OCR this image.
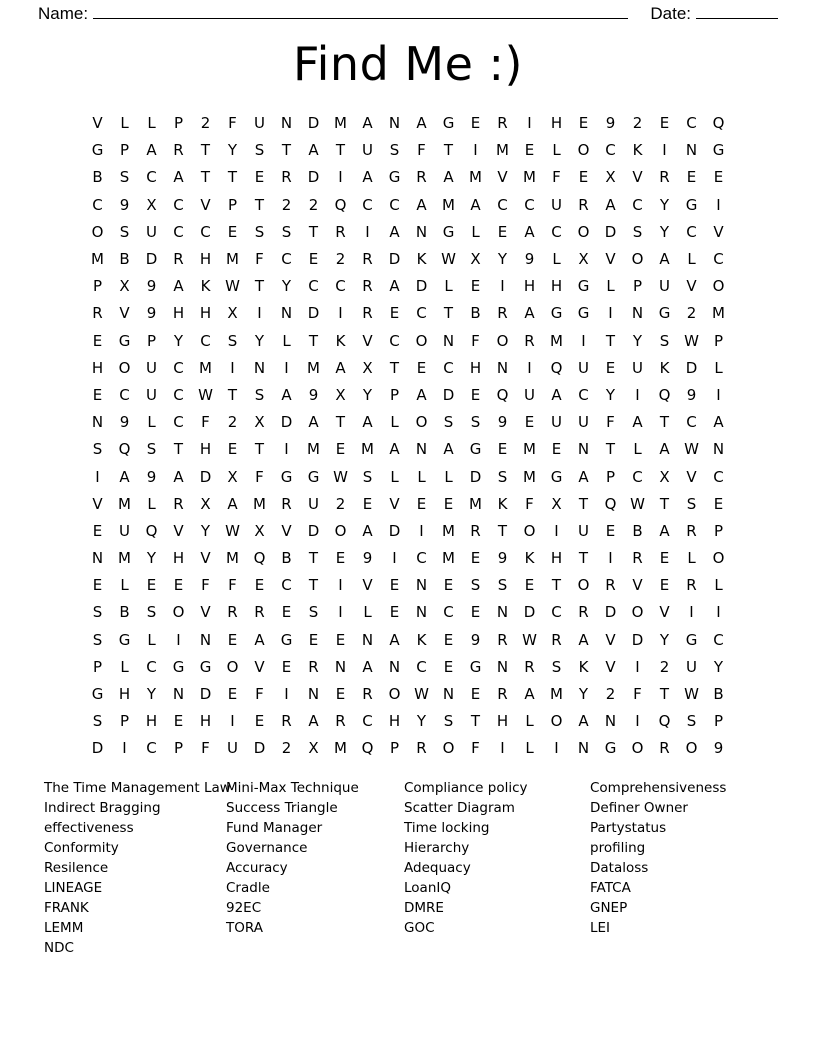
Name:	Date:
Find Me :)
V	L	L	P	2	F	U	N	D M	A	N	A	G	E	R	I	H	E	9	2	E	C	Q
G	P	A	R	T	Y	S	T	A	T	U	S	F	T	I	M	E	L	O	C	K	I	N	G
B	S	C	A	T	T	E	R	D	I	A	G	R	A	M	V	M	F	E	X	V	R	E	E
C	9	X	C	V	P	T	2	2	Q	C	C	A	M	A	C	C	U	R	A	C	Y	G	I
O	S	U	C	C	E	S	S	T	R	I	A	N	G	L	E	A	C	O	D	S	Y	C	V
M	B	D	R	H M	F	C	E	2	R	D	K W X	Y	9	L	X	V	O	A	L	C
P	X	9	A	K W T	Y	C	C	R	A	D	L	E	I	H	H	G	L	P	U	V	O
R	V	9	H	H	X	I	N	D	I	R	E	C	T	B	R	A	G	G	I	N	G	2	M
E	G	P	Y	C	S	Y	L	T	K	V	C	O	N	F	O	R	M	I	T	Y	S W	P
H	O	U	C	M	I	N	I	M	A	X	T	E	C	H	N	I	Q	U	E	U	K	D	L
E	C	U	C W T	S	A	9	X	Y	P	A	D	E	Q	U	A	C	Y	I	Q	9	I
N	9	L	C	F	2	X	D	A	T	A	L	O	S	S	9	E	U	U	F	A	T	C	A
S	Q	S	T	H	E	T	I	M	E	M	A	N	A	G	E	M	E	N	T	L	A W N
I	A	9	A	D	X	F	G	G W S	L	L	L	D	S	M G	A	P	C	X	V	C
V	M	L	R	X	A	M	R	U	2	E	V	E	E	M	K	F	X	T	Q W T	S	E
E	U	Q	V	Y	W X	V	D	O	A	D	I	M	R	T	O	I	U	E	B	A	R	P
N M	Y	H	V	M Q	B	T	E	9	I	C	M	E	9	K	H	T	I	R	E	L	O
E	L	E	E	F	F	E	C	T	I	V	E	N	E	S	S	E	T	O	R	V	E	R	L
S	B	S	O	V	R	R	E	S	I	L	E	N	C	E	N	D	C	R	D	O	V	I	I
S	G	L	I	N	E	A	G	E	E	N	A	K	E	9	R W R	A	V	D	Y	G	C
P	L	C	G	G	O	V	E	R	N	A	N	C	E	G	N	R	S	K	V	I	2	U	Y
G	H	Y	N	D	E	F	I	N	E	R	O W N	E	R	A	M	Y	2	F	T	W B
S	P	H	E	H	I	E	R	A	R	C	H	Y	S	T	H	L	O	A	N	I	Q	S	P
D	I	C	P	F	U	D	2	X	M Q	P	R	O	F	I	L	I	N	G	O	R	O	9
The Time Management Law
Indirect Bragging
effectiveness
Conformity
Resilence
LINEAGE
FRANK
LEMM
NDC
Mini-Max Technique
Success Triangle
Fund Manager
Governance
Accuracy
Cradle
92EC
TORA
Compliance policy
Scatter Diagram
Time locking
Hierarchy
Adequacy
LoanIQ
DMRE
GOC
Comprehensiveness
Definer Owner
Partystatus
profiling
Dataloss
FATCA
GNEP
LEI
